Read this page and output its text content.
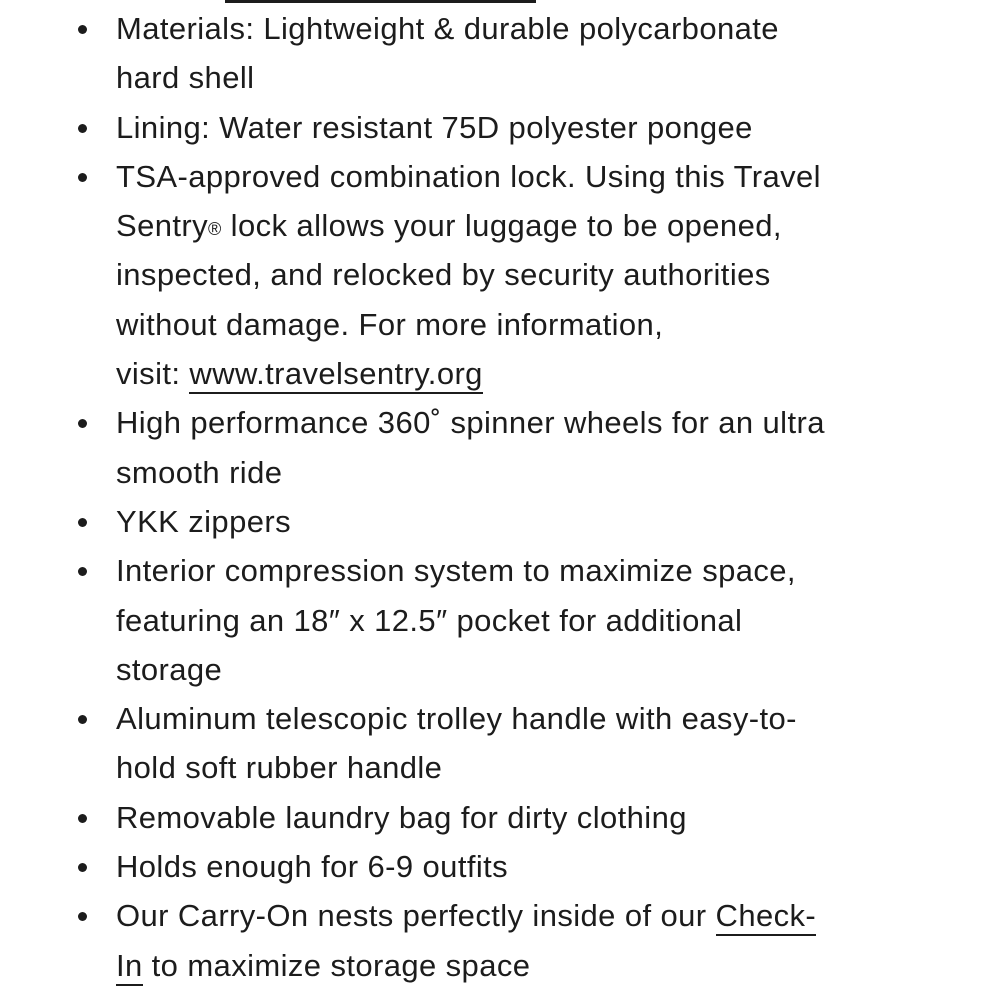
Materials: Lightweight & durable polycarbonate
hard shell
Lining: Water resistant 75D polyester pongee
TSA-approved combination lock. Using this Travel
Sentry® lock allows your luggage to be opened,
inspected, and relocked by security authorities
without damage. For more information,
visit: www.travelsentry.org
High performance 360˚ spinner wheels for an ultra
smooth ride
YKK zippers
Interior compression system to maximize space,
featuring an 18″ x 12.5″ pocket for additional
storage
Aluminum telescopic trolley handle with easy-to-
hold soft rubber handle
Removable laundry bag for dirty clothing
Holds enough for 6-9 outfits
Our Carry-On nests perfectly inside of our Check-
In to maximize storage space
